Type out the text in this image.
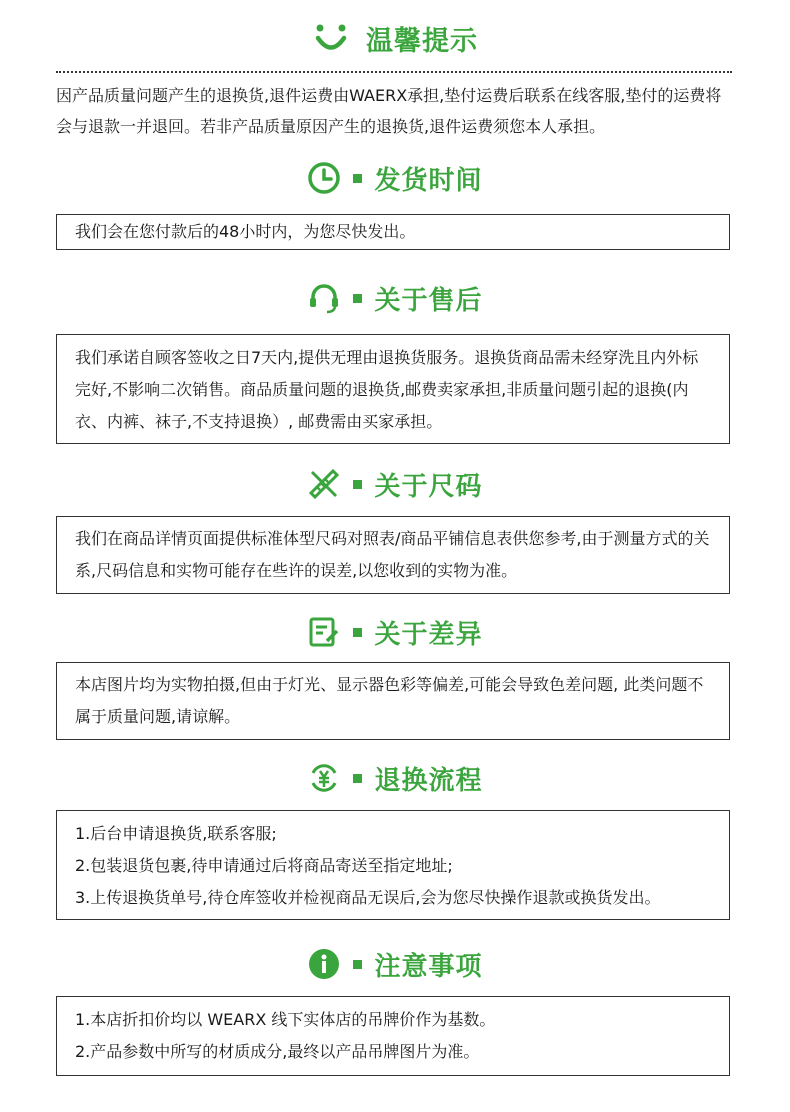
温馨提示
因产品质量问题产生的退换货,退件运费由WAERX承担,垫付运费后联系在线客服,垫付的运费将会与退款一并退回。若非产品质量原因产生的退换货,退件运费须您本人承担。
发货时间

我们会在您付款后的48小时内，为您尽快发出。

关于售后

我们承诺自顾客签收之日7天内,提供无理由退换货服务。退换货商品需未经穿洗且内外标完好,不影响二次销售。商品质量问题的退换货,邮费卖家承担,非质量问题引起的退换(内衣、内裤、袜子,不支持退换）, 邮费需由买家承担。

关于尺码

我们在商品详情页面提供标准体型尺码对照表/商品平铺信息表供您参考,由于测量方式的关系,尺码信息和实物可能存在些许的误差,以您收到的实物为准。

关于差异

本店图片均为实物拍摄,但由于灯光、显示器色彩等偏差,可能会导致色差问题, 此类问题不属于质量问题,请谅解。

退换流程

1.后台申请退换货,联系客服;

2.包装退货包裹,待申请通过后将商品寄送至指定地址;

3.上传退换货单号,待仓库签收并检视商品无误后,会为您尽快操作退款或换货发出。

注意事项

1.本店折扣价均以 WEARX 线下实体店的吊牌价作为基数。

2.产品参数中所写的材质成分,最终以产品吊牌图片为准。
